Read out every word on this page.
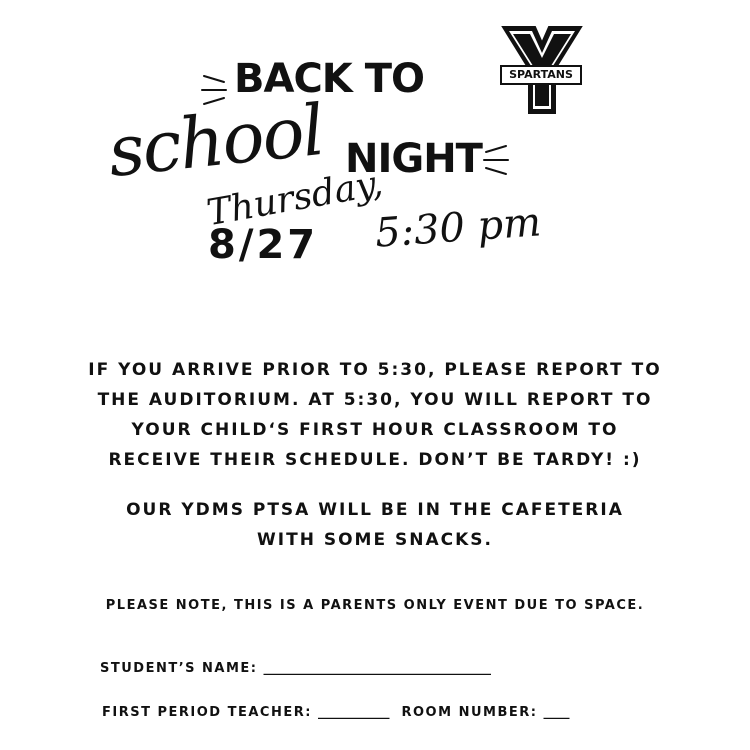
BACK TO
school NIGHT
Thursday,
8/27 5:30 pm
SPARTANS
IF YOU ARRIVE PRIOR TO 5:30, PLEASE REPORT TO
THE AUDITORIUM. AT 5:30, YOU WILL REPORT TO
YOUR CHILD‘S FIRST HOUR CLASSROOM TO
RECEIVE THEIR SCHEDULE. DON’T BE TARDY! :)
OUR YDMS PTSA WILL BE IN THE CAFETERIA
WITH SOME SNACKS.
PLEASE NOTE, THIS IS A PARENTS ONLY EVENT DUE TO SPACE.
STUDENT’S NAME: ___________________________________
FIRST PERIOD TEACHER: ___________ ROOM NUMBER: ____
